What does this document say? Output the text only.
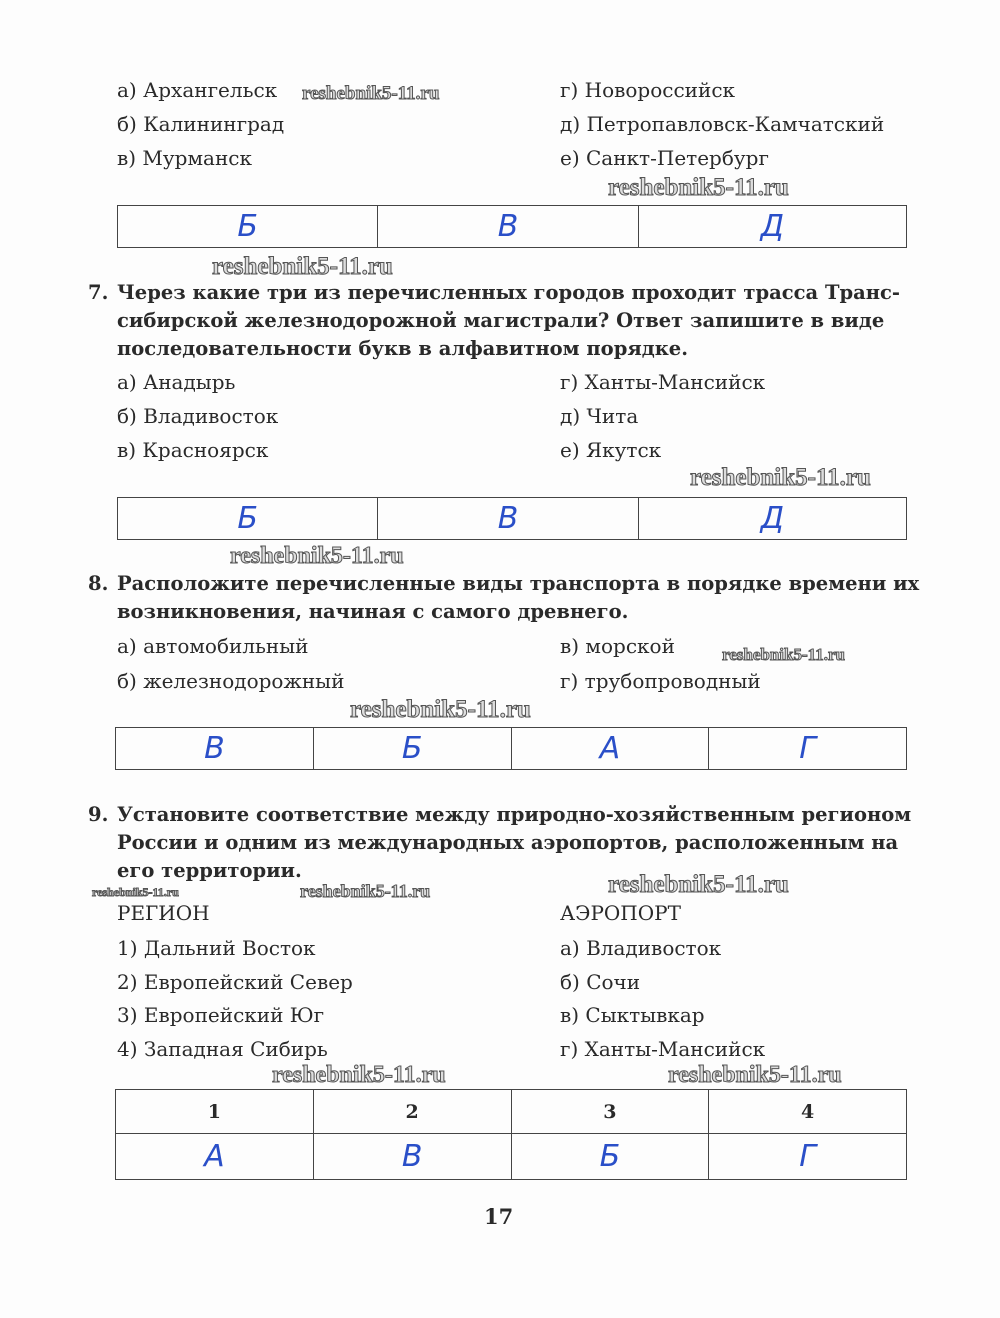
а) Архангельск
б) Калининград
в) Мурманск
г) Новороссийск
д) Петропавловск-Камчатский
е) Санкт-Петербург
Б	В	Д
7. Через какие три из перечисленных городов проходит трасса Транс-
сибирской железнодорожной магистрали? Ответ запишите в виде
последовательности букв в алфавитном порядке.
а) Анадырь
б) Владивосток
в) Красноярск
г) Ханты-Мансийск
д) Чита
е) Якутск
Б	В	Д
8. Расположите перечисленные виды транспорта в порядке времени их
возникновения, начиная с самого древнего.
а) автомобильный
б) железнодорожный
в) морской
г) трубопроводный
В	Б	А	Г
9. Установите соответствие между природно-хозяйственным регионом
России и одним из международных аэропортов, расположенным на
его территории.
РЕГИОН	АЭРОПОРТ
1) Дальний Восток
2) Европейский Север
3) Европейский Юг
4) Западная Сибирь
а) Владивосток
б) Сочи
в) Сыктывкар
г) Ханты-Мансийск
1	2	3	4
А	В	Б	Г
17
reshebnik5-11.ru
reshebnik5-11.ru
reshebnik5-11.ru
reshebnik5-11.ru
reshebnik5-11.ru
reshebnik5-11.ru
reshebnik5-11.ru
reshebnik5-11.ru	reshebnik5-11.ru	reshebnik5-11.ru
reshebnik5-11.ru	reshebnik5-11.ru
